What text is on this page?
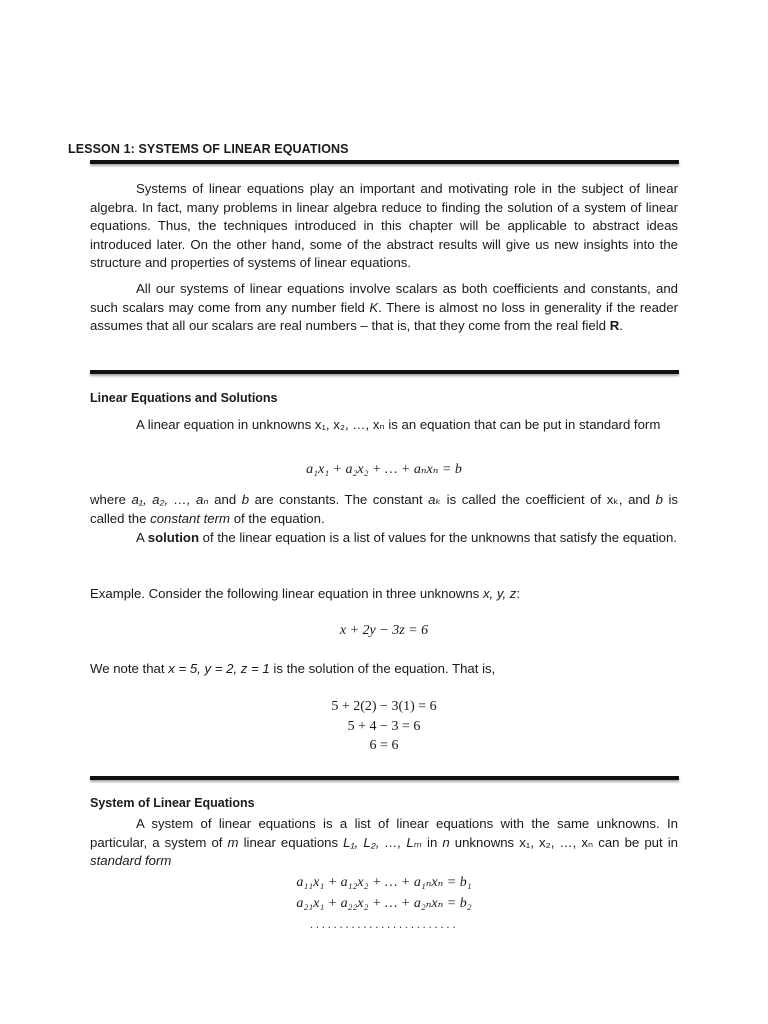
LESSON 1: SYSTEMS OF LINEAR EQUATIONS

Systems of linear equations play an important and motivating role in the subject of linear algebra. In fact, many problems in linear algebra reduce to finding the solution of a system of linear equations. Thus, the techniques introduced in this chapter will be applicable to abstract ideas introduced later. On the other hand, some of the abstract results will give us new insights into the structure and properties of systems of linear equations.

All our systems of linear equations involve scalars as both coefficients and constants, and such scalars may come from any number field K. There is almost no loss in generality if the reader assumes that all our scalars are real numbers – that is, that they come from the real field R.

Linear Equations and Solutions

A linear equation in unknowns x₁, x₂, …, xₙ is an equation that can be put in standard form

a₁x₁ + a₂x₂ + … + aₙxₙ = b

where a₁, a₂, …, aₙ and b are constants. The constant aₖ is called the coefficient of xₖ, and b is called the constant term of the equation.

A solution of the linear equation is a list of values for the unknowns that satisfy the equation.

Example. Consider the following linear equation in three unknowns x, y, z:

x + 2y − 3z = 6

We note that x = 5, y = 2, z = 1 is the solution of the equation. That is,

5 + 2(2) − 3(1) = 6
5 + 4 − 3 = 6
6 = 6
System of Linear Equations

A system of linear equations is a list of linear equations with the same unknowns. In particular, a system of m linear equations L₁, L₂, …, Lₘ in n unknowns x₁, x₂, …, xₙ can be put in standard form

a₁₁x₁ + a₁₂x₂ + … + a₁ₙxₙ = b₁
a₂₁x₁ + a₂₂x₂ + … + a₂ₙxₙ = b₂
.........................
